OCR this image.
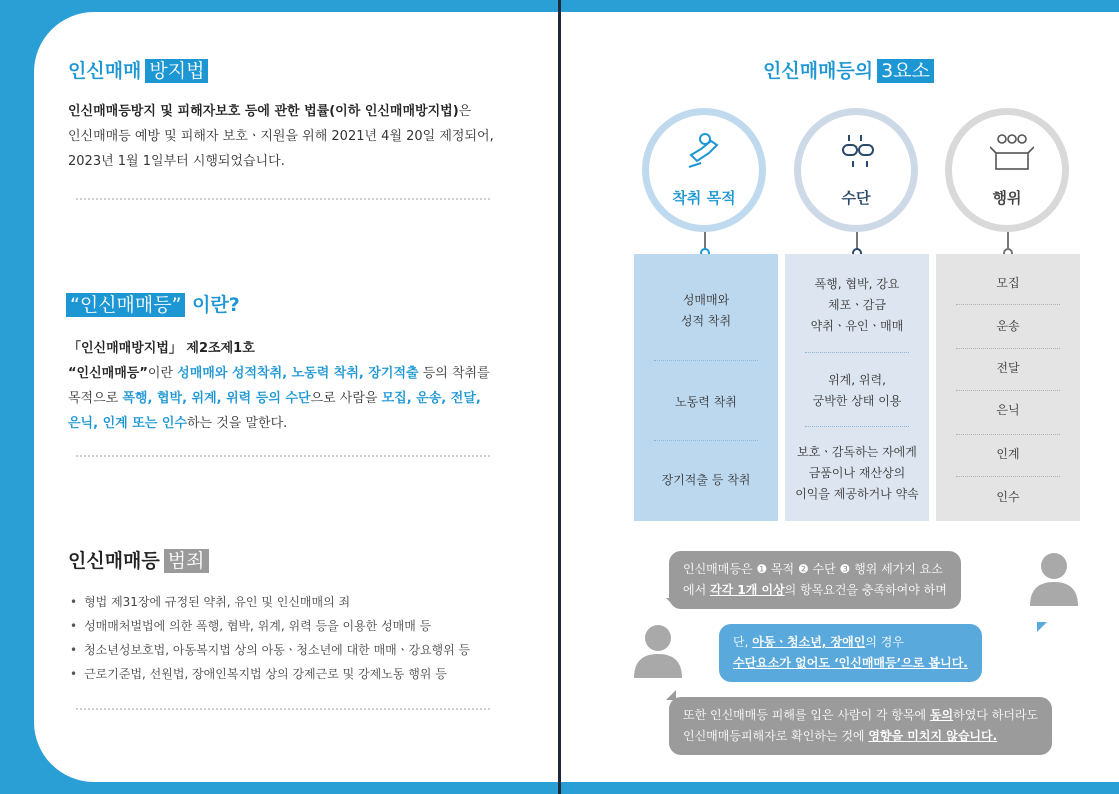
인신매매 방지법
인신매매등방지 및 피해자보호 등에 관한 법률(이하 인신매매방지법)은
인신매매등 예방 및 피해자 보호ㆍ지원을 위해 2021년 4월 20일 제정되어,
2023년 1월 1일부터 시행되었습니다.
“인신매매등” 이란?
「인신매매방지법」 제2조제1호
“인신매매등”이란 성매매와 성적착취, 노동력 착취, 장기적출 등의 착취를
목적으로 폭행, 협박, 위계, 위력 등의 수단으로 사람을 모집, 운송, 전달,
은닉, 인계 또는 인수하는 것을 말한다.
인신매매등 범죄
• 형법 제31장에 규정된 약취, 유인 및 인신매매의 죄
• 성매매처벌법에 의한 폭행, 협박, 위계, 위력 등을 이용한 성매매 등
• 청소년성보호법, 아동복지법 상의 아동ㆍ청소년에 대한 매매ㆍ강요행위 등
• 근로기준법, 선원법, 장애인복지법 상의 강제근로 및 강제노동 행위 등
인신매매등의 3요소
착취 목적	수단	행위
성매매와
성적 착취
노동력 착취
장기적출 등 착취
폭행, 협박, 강요
체포ㆍ감금
약취ㆍ유인ㆍ매매
위계, 위력,
궁박한 상태 이용
보호ㆍ감독하는 자에게
금품이나 재산상의
이익을 제공하거나 약속
모집
운송
전달
은닉
인계
인수
인신매매등은 ❶ 목적 ❷ 수단 ❸ 행위 세가지 요소
에서 각각 1개 이상의 항목요건을 충족하여야 하며
단, 아동ㆍ청소년, 장애인의 경우
수단요소가 없어도 ‘인신매매등’으로 봅니다.
또한 인신매매등 피해를 입은 사람이 각 항목에 동의하였다 하더라도
인신매매등피해자로 확인하는 것에 영향을 미치지 않습니다.
